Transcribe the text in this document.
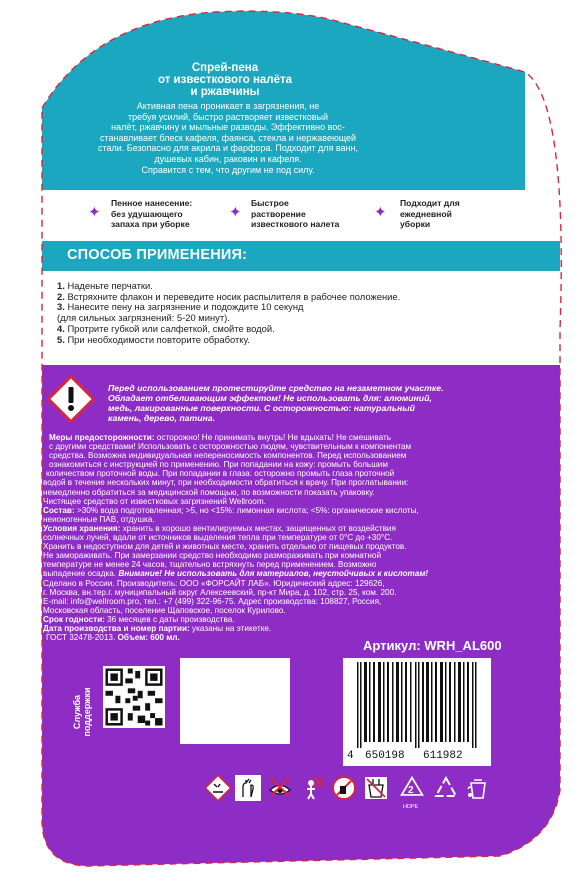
Спрей-пена
от известкового налёта
и ржавчины
Активная пена проникает в загрязнения, не
требуя усилий, быстро растворяет известковый
налёт, ржавчину и мыльные разводы. Эффективно вос-
станавливает блеск кафеля, фаянса, стекла и нержавеющей
стали. Безопасно для акрила и фарфора. Подходит для ванн,
душевых кабин, раковин и кафеля.
Справится с тем, что другим не под силу.
✦
Пенное нанесение:
без удушающего
запаха при уборке
✦
Быстрое
растворение
известкового налета
✦
Подходит для
ежедневной
уборки
СПОСОБ ПРИМЕНЕНИЯ:
1. Наденьте перчатки.
2. Встряхните флакон и переведите носик распылителя в рабочее положение.
3. Нанесите пену на загрязнение и подождите 10 секунд
(для сильных загрязнений: 5-20 минут).
4. Протрите губкой или салфеткой, смойте водой.
5. При необходимости повторите обработку.
Перед использованием протестируйте средство на незаметном участке.
Обладает отбеливающим эффектом! Не использовать для: алюминий,
медь, лакированные поверхности. С осторожностью: натуральный
камень, дерево, патина.
Меры предосторожности: осторожно! Не принимать внутрь! Не вдыхать! Не смешивать
с другими средствами! Использовать с осторожностью людям, чувствительным к компонентам
средства. Возможна индивидуальная непереносимость компонентов. Перед использованием
ознакомиться с инструкцией по применению. При попадании на кожу: промыть большим
количеством проточной воды. При попадании в глаза: осторожно промыть глаза проточной
водой в течение нескольких минут, при необходимости обратиться к врачу. При проглатывании:
немедленно обратиться за медицинской помощью, по возможности показать упаковку.
Чистящее средство от известковых загрязнений Wellroom.
Состав: >30% вода подготовленная; >5, но <15%: лимонная кислота; <5%: органические кислоты,
неионогенные ПАВ, отдушка.
Условия хранения: хранить в хорошо вентилируемых местах, защищенных от воздействия
солнечных лучей, вдали от источников выделения тепла при температуре от 0°С до +30°С.
Хранить в недоступном для детей и животных месте, хранить отдельно от пищевых продуктов.
Не замораживать. При замерзании средство необходимо размораживать при комнатной
температуре не менее 24 часов, тщательно встряхнуть перед применением. Возможно
выпадение осадка. Внимание! Не использовать для материалов, неустойчивых к кислотам!
Сделано в России. Производитель: ООО «ФОРСАЙТ ЛАБ». Юридический адрес: 129626,
г. Москва, вн.тер.г. муниципальный округ Алексеевский, пр-кт Мира, д. 102, стр. 25, ком. 200.
E-mail: info@wellroom.pro, тел.: +7 (499) 322-96-75. Адрес производства: 108827, Россия,
Московская область, поселение Щаповское, поселок Курилово.
Срок годности: 36 месяцев с даты производства.
Дата производства и номер партии: указаны на этикетке.
ГОСТ 32478-2013. Объем: 600 мл.
Артикул: WRH_AL600
Служба поддержки
4 650198 611982
2
HDPE
